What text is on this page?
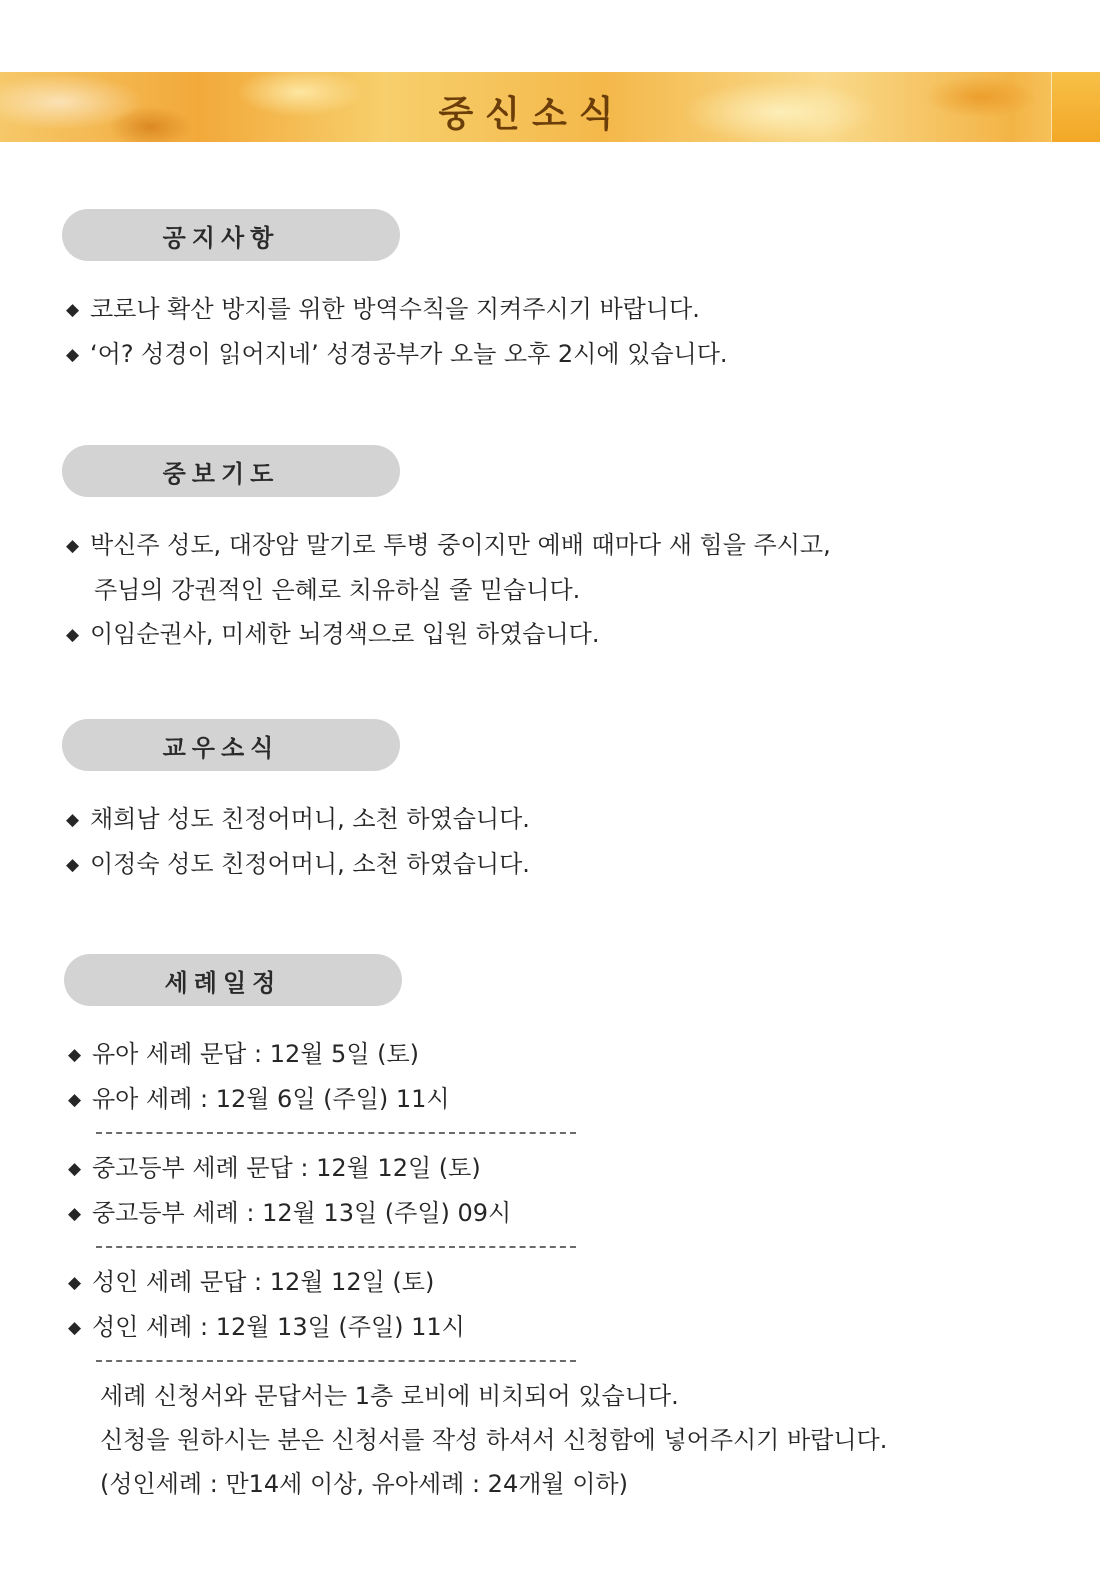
중신소식
공지사항
◆ 코로나 확산 방지를 위한 방역수칙을 지켜주시기 바랍니다.
◆ ‘어? 성경이 읽어지네’ 성경공부가 오늘 오후 2시에 있습니다.
중보기도
◆ 박신주 성도, 대장암 말기로 투병 중이지만 예배 때마다 새 힘을 주시고,
주님의 강권적인 은혜로 치유하실 줄 믿습니다.
◆ 이임순권사, 미세한 뇌경색으로 입원 하였습니다.
교우소식
◆ 채희남 성도 친정어머니, 소천 하였습니다.
◆ 이정숙 성도 친정어머니, 소천 하였습니다.
세례일정
◆ 유아 세례 문답 : 12월 5일 (토)
◆ 유아 세례 : 12월 6일 (주일) 11시
◆ 중고등부 세례 문답 : 12월 12일 (토)
◆ 중고등부 세례 : 12월 13일 (주일) 09시
◆ 성인 세례 문답 : 12월 12일 (토)
◆ 성인 세례 : 12월 13일 (주일) 11시
세례 신청서와 문답서는 1층 로비에 비치되어 있습니다.
신청을 원하시는 분은 신청서를 작성 하셔서 신청함에 넣어주시기 바랍니다.
(성인세례 : 만14세 이상, 유아세례 : 24개월 이하)
